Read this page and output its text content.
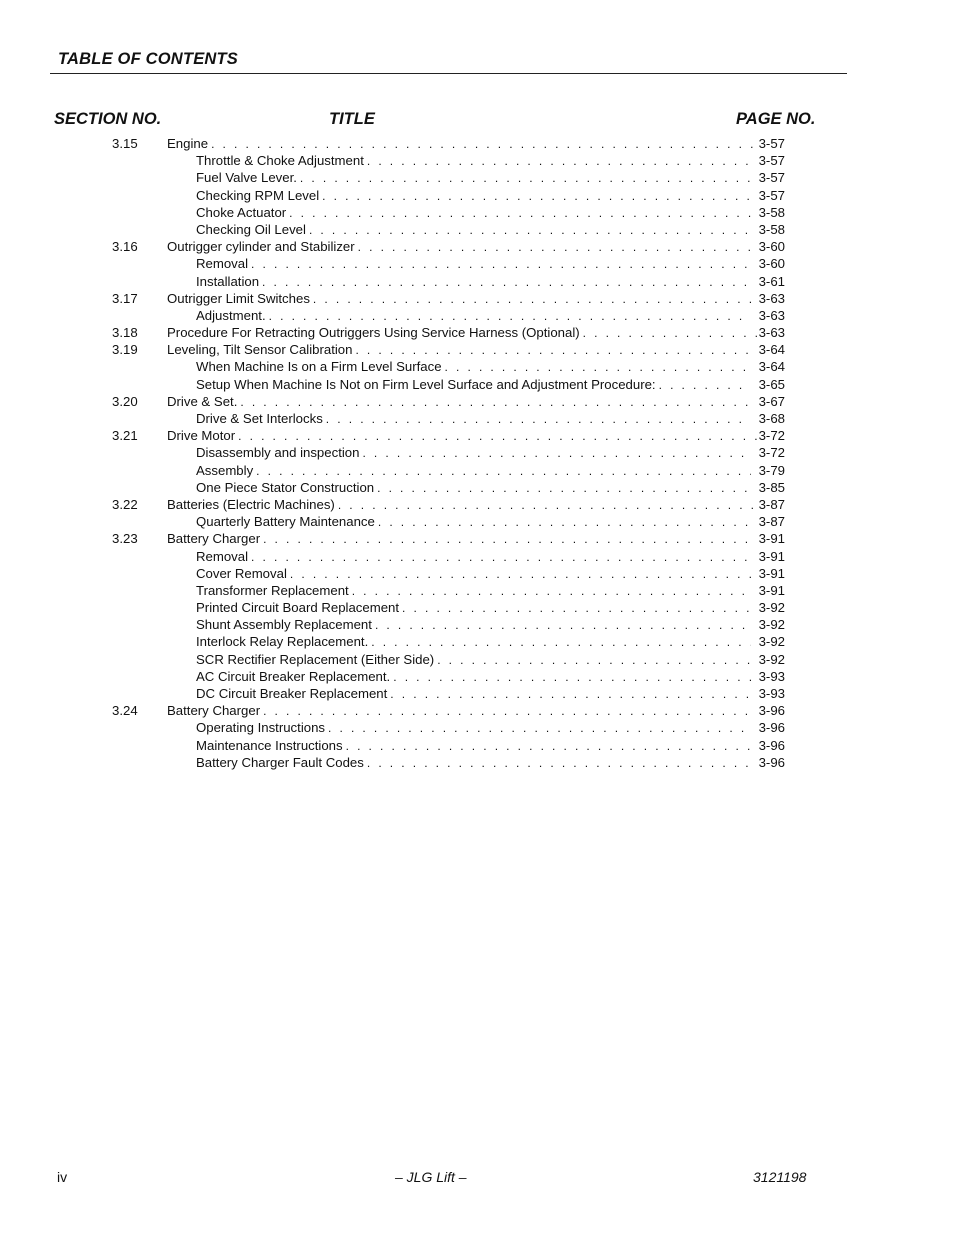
TABLE OF CONTENTS
SECTION NO.	TITLE	PAGE NO.
3.15 Engine . . .	3-57
Throttle & Choke Adjustment . . .	3-57
Fuel Valve Lever. . . .	3-57
Checking RPM Level . . .	3-57
Choke Actuator . . .	3-58
Checking Oil Level . . .	3-58
3.16 Outrigger cylinder and Stabilizer . . .	3-60
Removal . . .	3-60
Installation . . .	3-61
3.17 Outrigger Limit Switches . . .	3-63
Adjustment. . . .	3-63
3.18 Procedure For Retracting Outriggers Using Service Harness (Optional) . . .	3-63
3.19 Leveling, Tilt Sensor Calibration . . .	3-64
When Machine Is on a Firm Level Surface . . .	3-64
Setup When Machine Is Not on Firm Level Surface and Adjustment Procedure: . . .	3-65
3.20 Drive & Set. . . .	3-67
Drive & Set Interlocks . . .	3-68
3.21 Drive Motor . . .	3-72
Disassembly and inspection . . .	3-72
Assembly . . .	3-79
One Piece Stator Construction . . .	3-85
3.22 Batteries (Electric Machines) . . .	3-87
Quarterly Battery Maintenance . . .	3-87
3.23 Battery Charger . . .	3-91
Removal . . .	3-91
Cover Removal . . .	3-91
Transformer Replacement . . .	3-91
Printed Circuit Board Replacement . . .	3-92
Shunt Assembly Replacement . . .	3-92
Interlock Relay Replacement. . . .	3-92
SCR Rectifier Replacement (Either Side) . . .	3-92
AC Circuit Breaker Replacement. . . .	3-93
DC Circuit Breaker Replacement . . .	3-93
3.24 Battery Charger . . .	3-96
Operating Instructions . . .	3-96
Maintenance Instructions . . .	3-96
Battery Charger Fault Codes . . .	3-96
iv	– JLG Lift –	3121198
